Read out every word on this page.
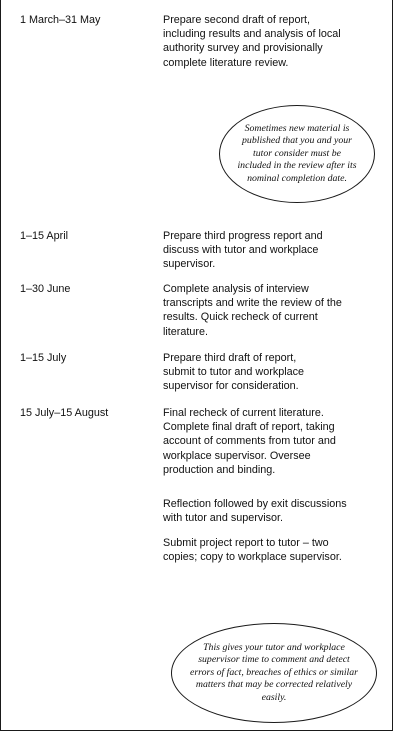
1 March–31 May	Prepare second draft of report, including results and analysis of local authority survey and provisionally complete literature review.
Sometimes new material is published that you and your tutor consider must be included in the review after its nominal completion date.
1–15 April	Prepare third progress report and discuss with tutor and workplace supervisor.
1–30 June	Complete analysis of interview transcripts and write the review of the results. Quick recheck of current literature.
1–15 July	Prepare third draft of report, submit to tutor and workplace supervisor for consideration.
15 July–15 August	Final recheck of current literature. Complete final draft of report, taking account of comments from tutor and workplace supervisor. Oversee production and binding.
Reflection followed by exit discussions with tutor and supervisor.
Submit project report to tutor – two copies; copy to workplace supervisor.
This gives your tutor and workplace supervisor time to comment and detect errors of fact, breaches of ethics or similar matters that may be corrected relatively easily.
